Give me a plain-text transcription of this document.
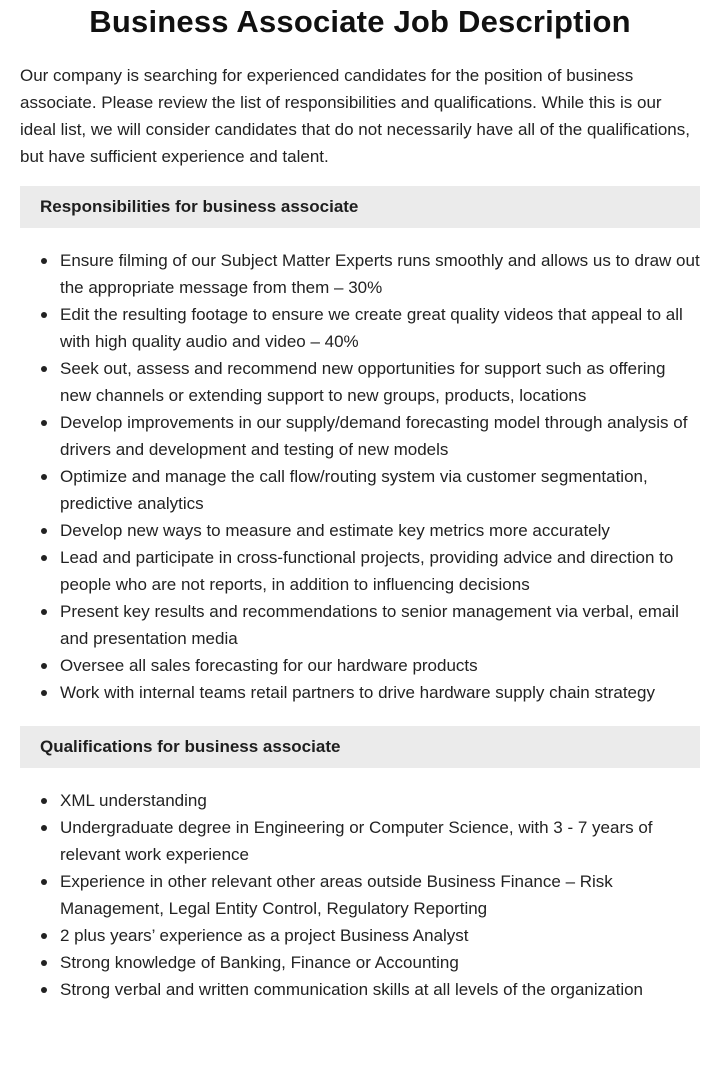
Business Associate Job Description

Our company is searching for experienced candidates for the position of business associate. Please review the list of responsibilities and qualifications. While this is our ideal list, we will consider candidates that do not necessarily have all of the qualifications, but have sufficient experience and talent.

Responsibilities for business associate
Ensure filming of our Subject Matter Experts runs smoothly and allows us to draw out the appropriate message from them – 30%
Edit the resulting footage to ensure we create great quality videos that appeal to all with high quality audio and video – 40%
Seek out, assess and recommend new opportunities for support such as offering new channels or extending support to new groups, products, locations
Develop improvements in our supply/demand forecasting model through analysis of drivers and development and testing of new models
Optimize and manage the call flow/routing system via customer segmentation, predictive analytics
Develop new ways to measure and estimate key metrics more accurately
Lead and participate in cross-functional projects, providing advice and direction to people who are not reports, in addition to influencing decisions
Present key results and recommendations to senior management via verbal, email and presentation media
Oversee all sales forecasting for our hardware products
Work with internal teams retail partners to drive hardware supply chain strategy
Qualifications for business associate
XML understanding
Undergraduate degree in Engineering or Computer Science, with 3 - 7 years of relevant work experience
Experience in other relevant other areas outside Business Finance – Risk Management, Legal Entity Control, Regulatory Reporting
2 plus years’ experience as a project Business Analyst
Strong knowledge of Banking, Finance or Accounting
Strong verbal and written communication skills at all levels of the organization
